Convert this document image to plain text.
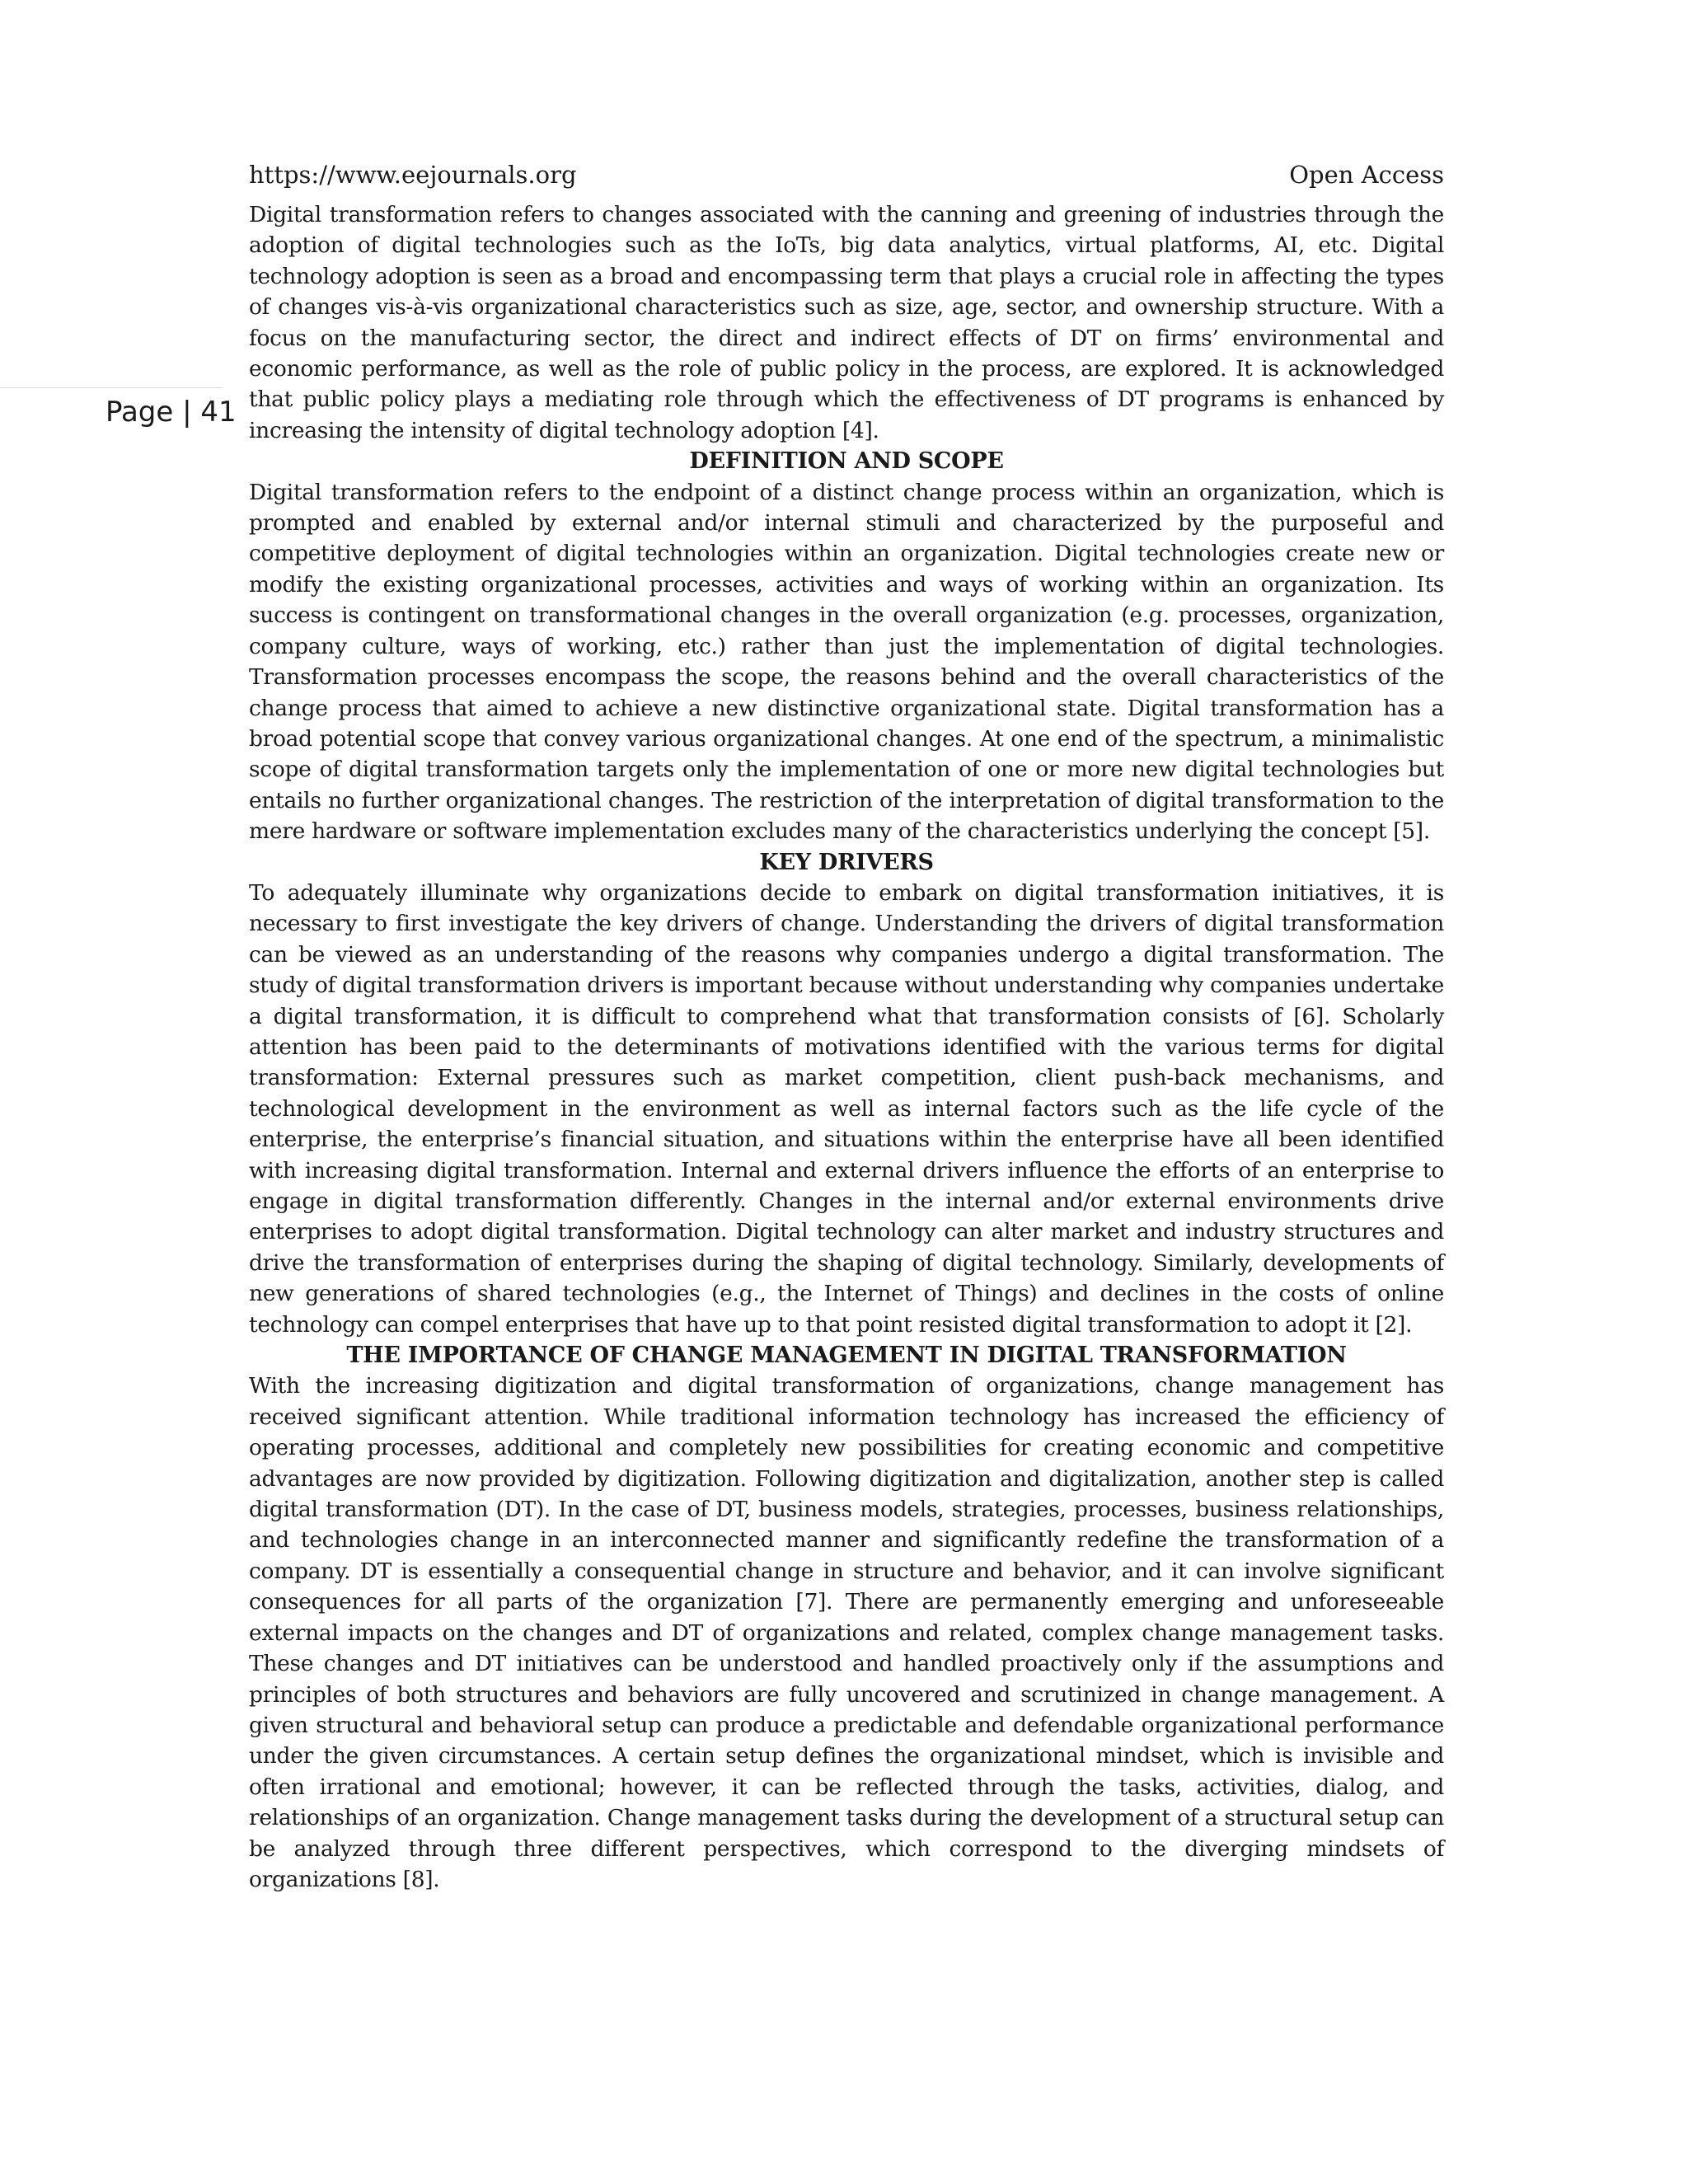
https://www.eejournals.org	Open Access
Page | 41

Digital transformation refers to changes associated with the canning and greening of industries through the adoption of digital technologies such as the IoTs, big data analytics, virtual platforms, AI, etc. Digital technology adoption is seen as a broad and encompassing term that plays a crucial role in affecting the types of changes vis-à-vis organizational characteristics such as size, age, sector, and ownership structure. With a focus on the manufacturing sector, the direct and indirect effects of DT on firms’ environmental and economic performance, as well as the role of public policy in the process, are explored. It is acknowledged that public policy plays a mediating role through which the effectiveness of DT programs is enhanced by increasing the intensity of digital technology adoption [4].

DEFINITION AND SCOPE

Digital transformation refers to the endpoint of a distinct change process within an organization, which is prompted and enabled by external and/or internal stimuli and characterized by the purposeful and competitive deployment of digital technologies within an organization. Digital technologies create new or modify the existing organizational processes, activities and ways of working within an organization. Its success is contingent on transformational changes in the overall organization (e.g. processes, organization, company culture, ways of working, etc.) rather than just the implementation of digital technologies. Transformation processes encompass the scope, the reasons behind and the overall characteristics of the change process that aimed to achieve a new distinctive organizational state. Digital transformation has a broad potential scope that convey various organizational changes. At one end of the spectrum, a minimalistic scope of digital transformation targets only the implementation of one or more new digital technologies but entails no further organizational changes. The restriction of the interpretation of digital transformation to the mere hardware or software implementation excludes many of the characteristics underlying the concept [5].

KEY DRIVERS

To adequately illuminate why organizations decide to embark on digital transformation initiatives, it is necessary to first investigate the key drivers of change. Understanding the drivers of digital transformation can be viewed as an understanding of the reasons why companies undergo a digital transformation. The study of digital transformation drivers is important because without understanding why companies undertake a digital transformation, it is difficult to comprehend what that transformation consists of [6]. Scholarly attention has been paid to the determinants of motivations identified with the various terms for digital transformation: External pressures such as market competition, client push-back mechanisms, and technological development in the environment as well as internal factors such as the life cycle of the enterprise, the enterprise’s financial situation, and situations within the enterprise have all been identified with increasing digital transformation. Internal and external drivers influence the efforts of an enterprise to engage in digital transformation differently. Changes in the internal and/or external environments drive enterprises to adopt digital transformation. Digital technology can alter market and industry structures and drive the transformation of enterprises during the shaping of digital technology. Similarly, developments of new generations of shared technologies (e.g., the Internet of Things) and declines in the costs of online technology can compel enterprises that have up to that point resisted digital transformation to adopt it [2].

THE IMPORTANCE OF CHANGE MANAGEMENT IN DIGITAL TRANSFORMATION

With the increasing digitization and digital transformation of organizations, change management has received significant attention. While traditional information technology has increased the efficiency of operating processes, additional and completely new possibilities for creating economic and competitive advantages are now provided by digitization. Following digitization and digitalization, another step is called digital transformation (DT). In the case of DT, business models, strategies, processes, business relationships, and technologies change in an interconnected manner and significantly redefine the transformation of a company. DT is essentially a consequential change in structure and behavior, and it can involve significant consequences for all parts of the organization [7]. There are permanently emerging and unforeseeable external impacts on the changes and DT of organizations and related, complex change management tasks. These changes and DT initiatives can be understood and handled proactively only if the assumptions and principles of both structures and behaviors are fully uncovered and scrutinized in change management. A given structural and behavioral setup can produce a predictable and defendable organizational performance under the given circumstances. A certain setup defines the organizational mindset, which is invisible and often irrational and emotional; however, it can be reflected through the tasks, activities, dialog, and relationships of an organization. Change management tasks during the development of a structural setup can be analyzed through three different perspectives, which correspond to the diverging mindsets of organizations [8].
